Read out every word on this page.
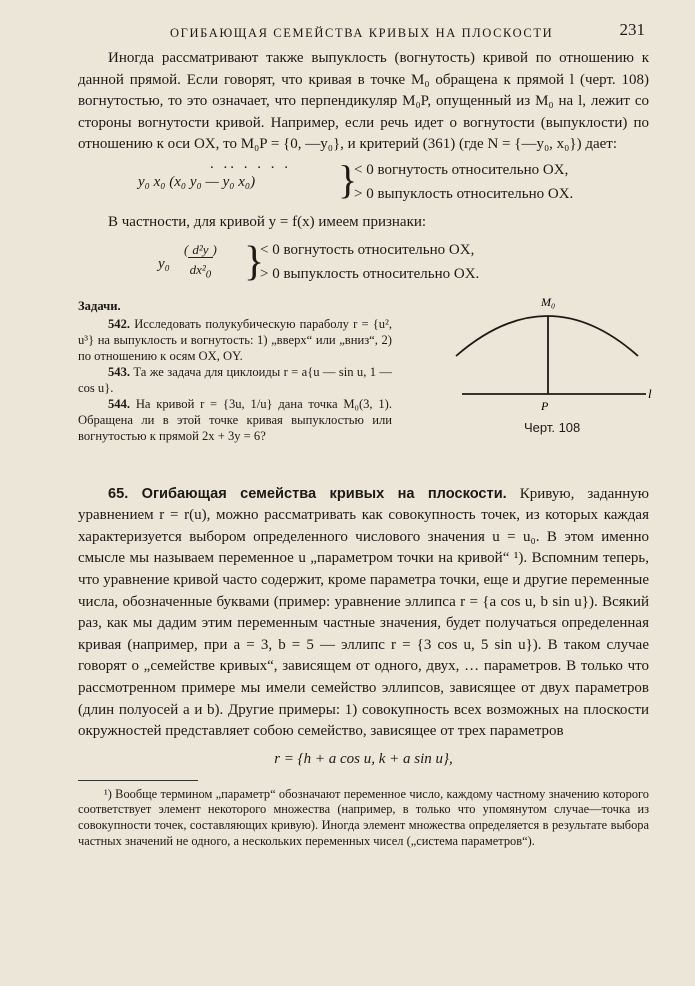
ОГИБАЮЩАЯ СЕМЕЙСТВА КРИВЫХ НА ПЛОСКОСТИ	231

Иногда рассматривают также выпуклость (вогнутость) кривой по отношению к данной прямой. Если говорят, что кривая в точке M₀ обращена к прямой l (черт. 108) вогнутостью, то это означает, что перпендикуляр M₀P, опущенный из M₀ на l, лежит со стороны вогнутости кривой. Например, если речь идет о вогнутости (выпуклости) по отношению к оси OX, то M₀P = {0, —y₀}, и критерий (361) (где N = {—y₀, x₀}) дает:

. .. . . . .
y₀ x₀ (x₀ y₀ — y₀ x₀) }
< 0 вогнутость относительно OX,
> 0 выпуклость относительно OX.

В частности, для кривой y = f(x) имеем признаки:

y₀
( d²y )
$dx^2_0$ }
< 0 вогнутость относительно OX,
> 0 выпуклость относительно OX.
Задачи.

542. Исследовать полукубическую параболу r = {u², u³} на выпуклость и вогнутость: 1) „вверх“ или „вниз“, 2) по отношению к осям OX, OY.

543. Та же задача для циклоиды r = a{u — sin u, 1 — cos u}.

544. На кривой r = {3u, 1/u} дана точка M₀(3, 1). Обращена ли в этой точке кривая выпуклостью или вогнутостью к прямой 2x + 3y = 6?

M₀
P
l
Черт. 108

65. Огибающая семейства кривых на плоскости. Кривую, заданную уравнением r = r(u), можно рассматривать как совокупность точек, из которых каждая характеризуется выбором определенного числового значения u = u₀. В этом именно смысле мы называем переменное u „параметром точки на кривой“ ¹). Вспомним теперь, что уравнение кривой часто содержит, кроме параметра точки, еще и другие переменные числа, обозначенные буквами (пример: уравнение эллипса r = {a cos u, b sin u}). Всякий раз, как мы дадим этим переменным частные значения, будет получаться определенная кривая (например, при a = 3, b = 5 — эллипс r = {3 cos u, 5 sin u}). В таком случае говорят о „семействе кривых“, зависящем от одного, двух, … параметров. В только что рассмотренном примере мы имели семейство эллипсов, зависящее от двух параметров (длин полуосей a и b). Другие примеры: 1) совокупность всех возможных на плоскости окружностей представляет собою семейство, зависящее от трех параметров

r = {h + a cos u, k + a sin u},

¹) Вообще термином „параметр“ обозначают переменное число, каждому частному значению которого соответствует элемент некоторого множества (например, в только что упомянутом случае—точка из совокупности точек, составляющих кривую). Иногда элемент множества определяется в результате выбора частных значений не одного, а нескольких переменных чисел („система параметров“).
